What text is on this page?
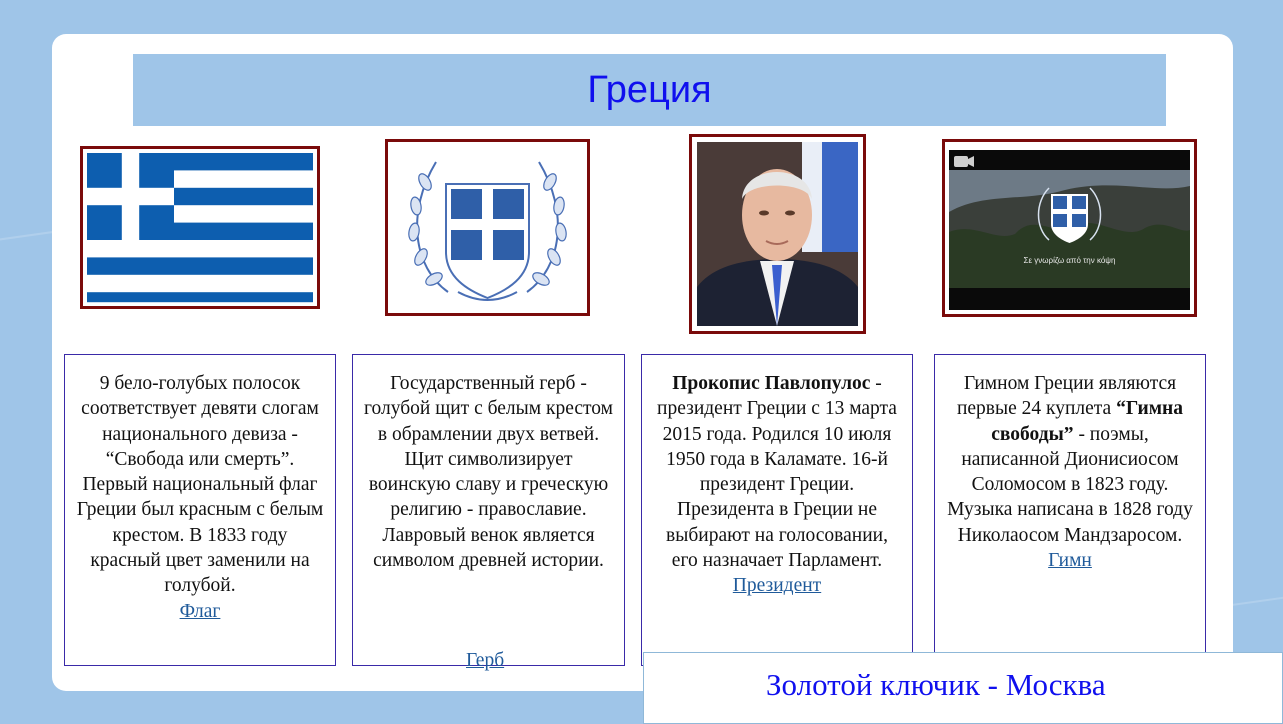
Греция
Σε γνωρίζω από την κόψη
9 бело-голубых полосок соответствует девяти слогам национального девиза - “Свобода или смерть”. Первый национальный флаг Греции был красным с белым крестом. В 1833 году красный цвет заменили на голубой.
Флаг
Государственный герб - голубой щит с белым крестом в обрамлении двух ветвей. Щит символизирует воинскую славу и греческую религию - православие. Лавровый венок является символом древней истории.
Герб
Прокопис Павлопулос - президент Греции с 13 марта 2015 года. Родился 10 июля 1950 года в Каламате. 16-й президент Греции. Президента в Греции не выбирают на голосовании, его назначает Парламент.
Президент
Гимном Греции являются первые 24 куплета “Гимна свободы” - поэмы, написанной Дионисиосом Соломосом в 1823 году. Музыка написана в 1828 году Николаосом Мандзаросом.
Гимн
Золотой ключик - Москва
